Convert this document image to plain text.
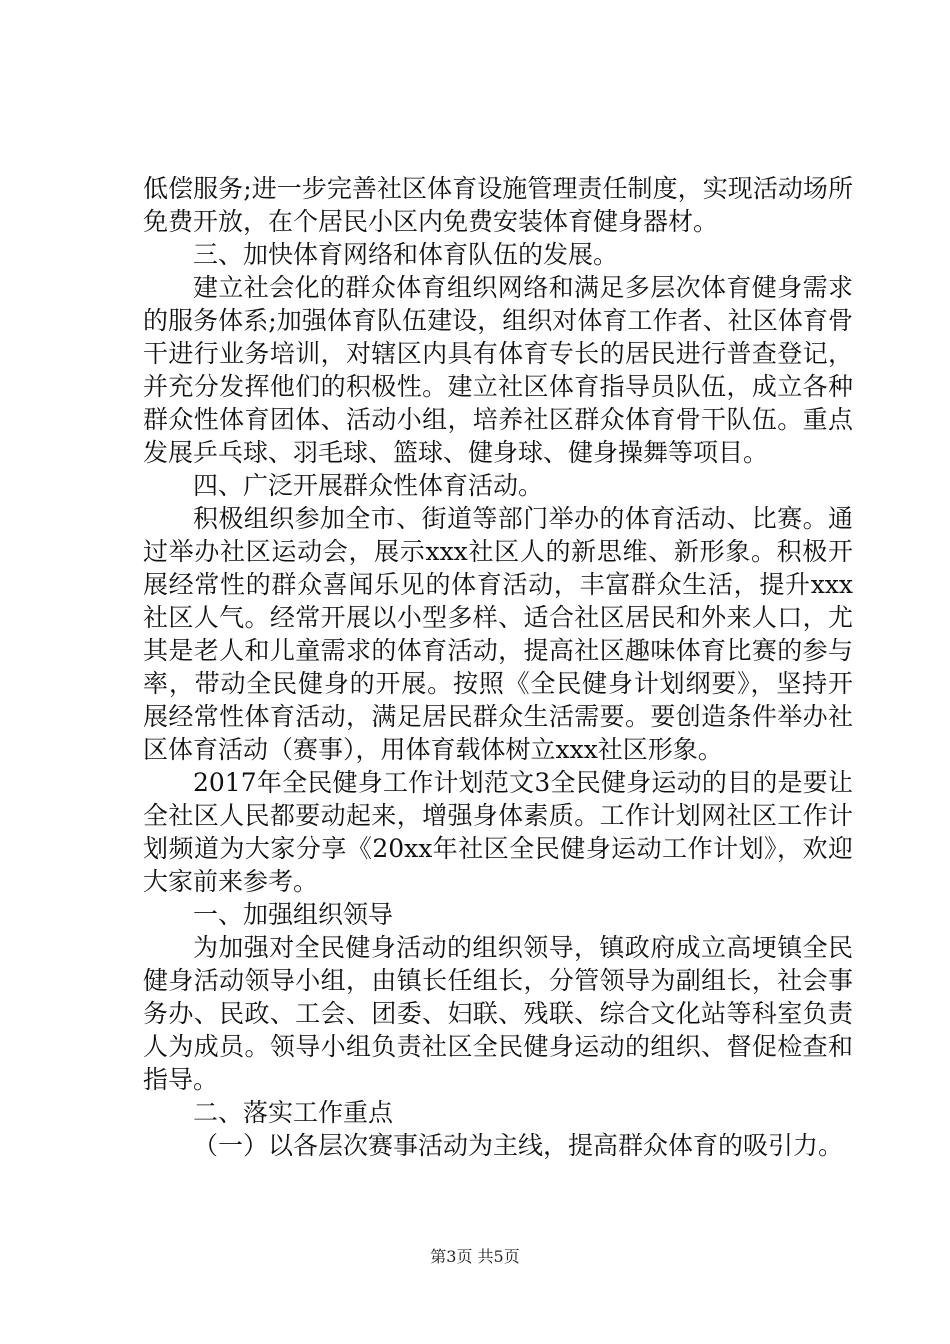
低偿服务;进一步完善社区体育设施管理责任制度，实现活动场所免费开放，在个居民小区内免费安装体育健身器材。

三、加快体育网络和体育队伍的发展。

建立社会化的群众体育组织网络和满足多层次体育健身需求的服务体系;加强体育队伍建设，组织对体育工作者、社区体育骨干进行业务培训，对辖区内具有体育专长的居民进行普查登记，并充分发挥他们的积极性。建立社区体育指导员队伍，成立各种群众性体育团体、活动小组，培养社区群众体育骨干队伍。重点发展乒乓球、羽毛球、篮球、健身球、健身操舞等项目。

四、广泛开展群众性体育活动。

积极组织参加全市、街道等部门举办的体育活动、比赛。通过举办社区运动会，展示xxx社区人的新思维、新形象。积极开展经常性的群众喜闻乐见的体育活动，丰富群众生活，提升xxx社区人气。经常开展以小型多样、适合社区居民和外来人口，尤其是老人和儿童需求的体育活动，提高社区趣味体育比赛的参与率，带动全民健身的开展。按照《全民健身计划纲要》，坚持开展经常性体育活动，满足居民群众生活需要。要创造条件举办社区体育活动（赛事），用体育载体树立xxx社区形象。

2017年全民健身工作计划范文3全民健身运动的目的是要让全社区人民都要动起来，增强身体素质。工作计划网社区工作计划频道为大家分享《20xx年社区全民健身运动工作计划》，欢迎大家前来参考。

一、加强组织领导

为加强对全民健身活动的组织领导，镇政府成立高埂镇全民健身活动领导小组，由镇长任组长，分管领导为副组长，社会事务办、民政、工会、团委、妇联、残联、综合文化站等科室负责人为成员。领导小组负责社区全民健身运动的组织、督促检查和指导。

二、落实工作重点

（一）以各层次赛事活动为主线，提高群众体育的吸引力。

第3页 共5页
